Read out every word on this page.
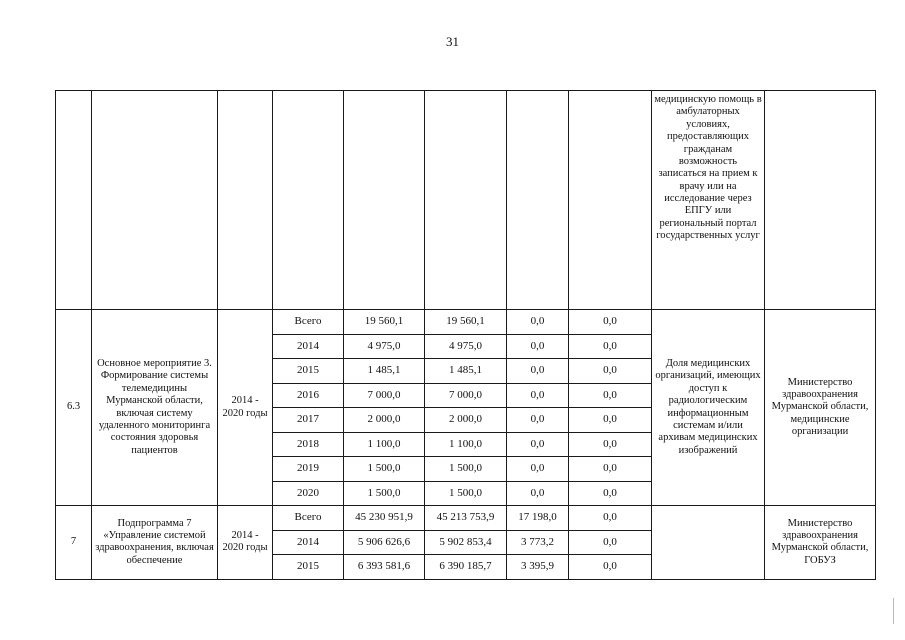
31
								медицинскую помощь в амбулаторных условиях, предоставляющих гражданам возможность записаться на прием к врачу или на исследование через ЕПГУ или региональный портал государственных услуг	
6.3	Основное мероприятие 3. Формирование системы телемедицины Мурманской области, включая систему удаленного мониторинга состояния здоровья пациентов	2014 - 2020 годы	Всего	19 560,1	19 560,1	0,0	0,0	Доля медицинских организаций, имеющих доступ к радиологическим информационным системам и/или архивам медицинских изображений	Министерство здравоохранения Мурманской области, медицинские организации
			2014	4 975,0	4 975,0	0,0	0,0		
			2015	1 485,1	1 485,1	0,0	0,0		
			2016	7 000,0	7 000,0	0,0	0,0		
			2017	2 000,0	2 000,0	0,0	0,0		
			2018	1 100,0	1 100,0	0,0	0,0		
			2019	1 500,0	1 500,0	0,0	0,0		
			2020	1 500,0	1 500,0	0,0	0,0		
7	Подпрограмма 7 «Управление системой здравоохранения, включая обеспечение	2014 - 2020 годы	Всего	45 230 951,9	45 213 753,9	17 198,0	0,0		Министерство здравоохранения Мурманской области, ГОБУЗ
			2014	5 906 626,6	5 902 853,4	3 773,2	0,0		
			2015	6 393 581,6	6 390 185,7	3 395,9	0,0		
